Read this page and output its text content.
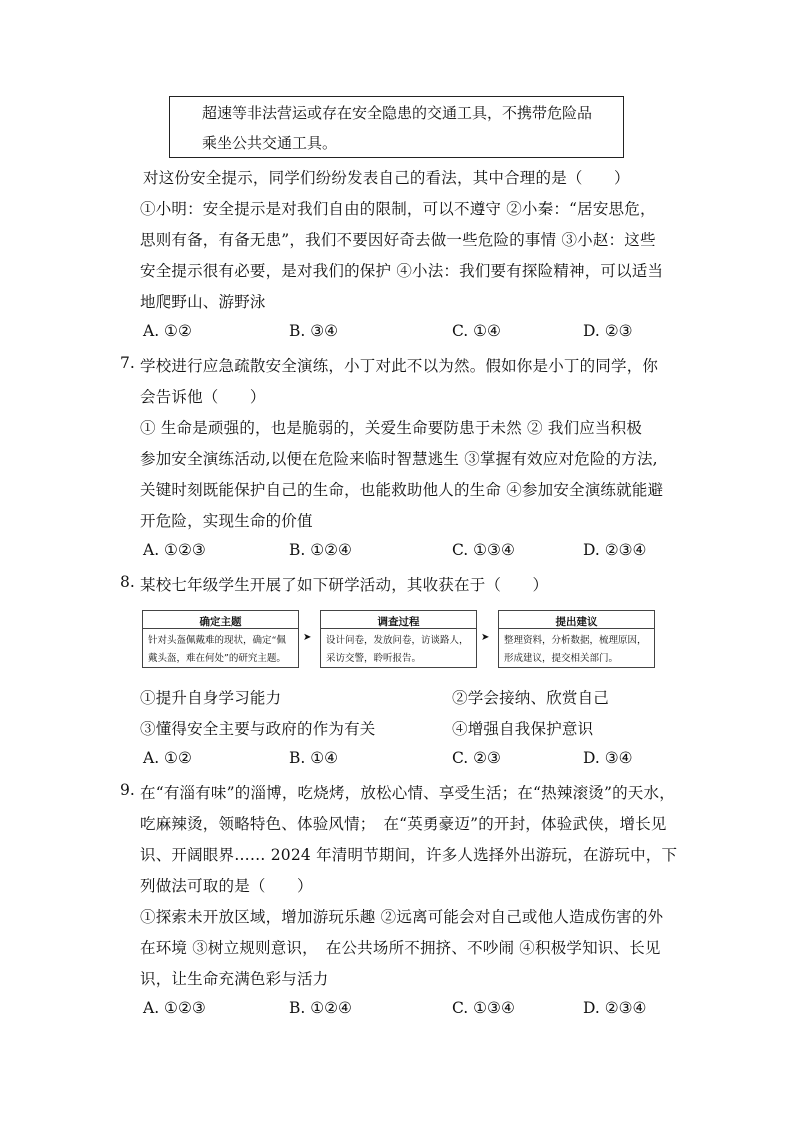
超速等非法营运或存在安全隐患的交通工具，不携带危险品
乘坐公共交通工具。
对这份安全提示，同学们纷纷发表自己的看法，其中合理的是（　　）
①小明：安全提示是对我们自由的限制，可以不遵守 ②小秦：“居安思危，
思则有备，有备无患”，我们不要因好奇去做一些危险的事情 ③小赵：这些
安全提示很有必要，是对我们的保护 ④小法：我们要有探险精神，可以适当
地爬野山、游野泳
A. ①②	B. ③④	C. ①④	D. ②③
7. 学校进行应急疏散安全演练，小丁对此不以为然。假如你是小丁的同学，你
会告诉他（　　）
① 生命是顽强的，也是脆弱的，关爱生命要防患于未然 ② 我们应当积极
参加安全演练活动,以便在危险来临时智慧逃生 ③掌握有效应对危险的方法,
关键时刻既能保护自己的生命，也能救助他人的生命 ④参加安全演练就能避
开危险，实现生命的价值
A. ①②③	B. ①②④	C. ①③④	D. ②③④
8. 某校七年级学生开展了如下研学活动，其收获在于（　　）
确定主题
针对头盔佩戴难的现状，确定“佩
戴头盔，难在何处”的研究主题。
➤
调查过程
设计问卷，发放问卷，访谈路人，
采访交警，聆听报告。
➤
提出建议
整理资料，分析数据，梳理原因，
形成建议，提交相关部门。
①提升自身学习能力	②学会接纳、欣赏自己
③懂得安全主要与政府的作为有关	④增强自我保护意识
A. ①②	B. ①④	C. ②③	D. ③④
9. 在“有淄有味”的淄博，吃烧烤，放松心情、享受生活；在“热辣滚烫”的天水，
吃麻辣烫，领略特色、体验风情；　在“英勇豪迈”的开封，体验武侠，增长见
识、开阔眼界…… 2024 年清明节期间，许多人选择外出游玩，在游玩中，下
列做法可取的是（　　）
①探索未开放区域，增加游玩乐趣 ②远离可能会对自己或他人造成伤害的外
在环境 ③树立规则意识，　在公共场所不拥挤、不吵闹 ④积极学知识、长见
识，让生命充满色彩与活力
A. ①②③	B. ①②④	C. ①③④	D. ②③④
